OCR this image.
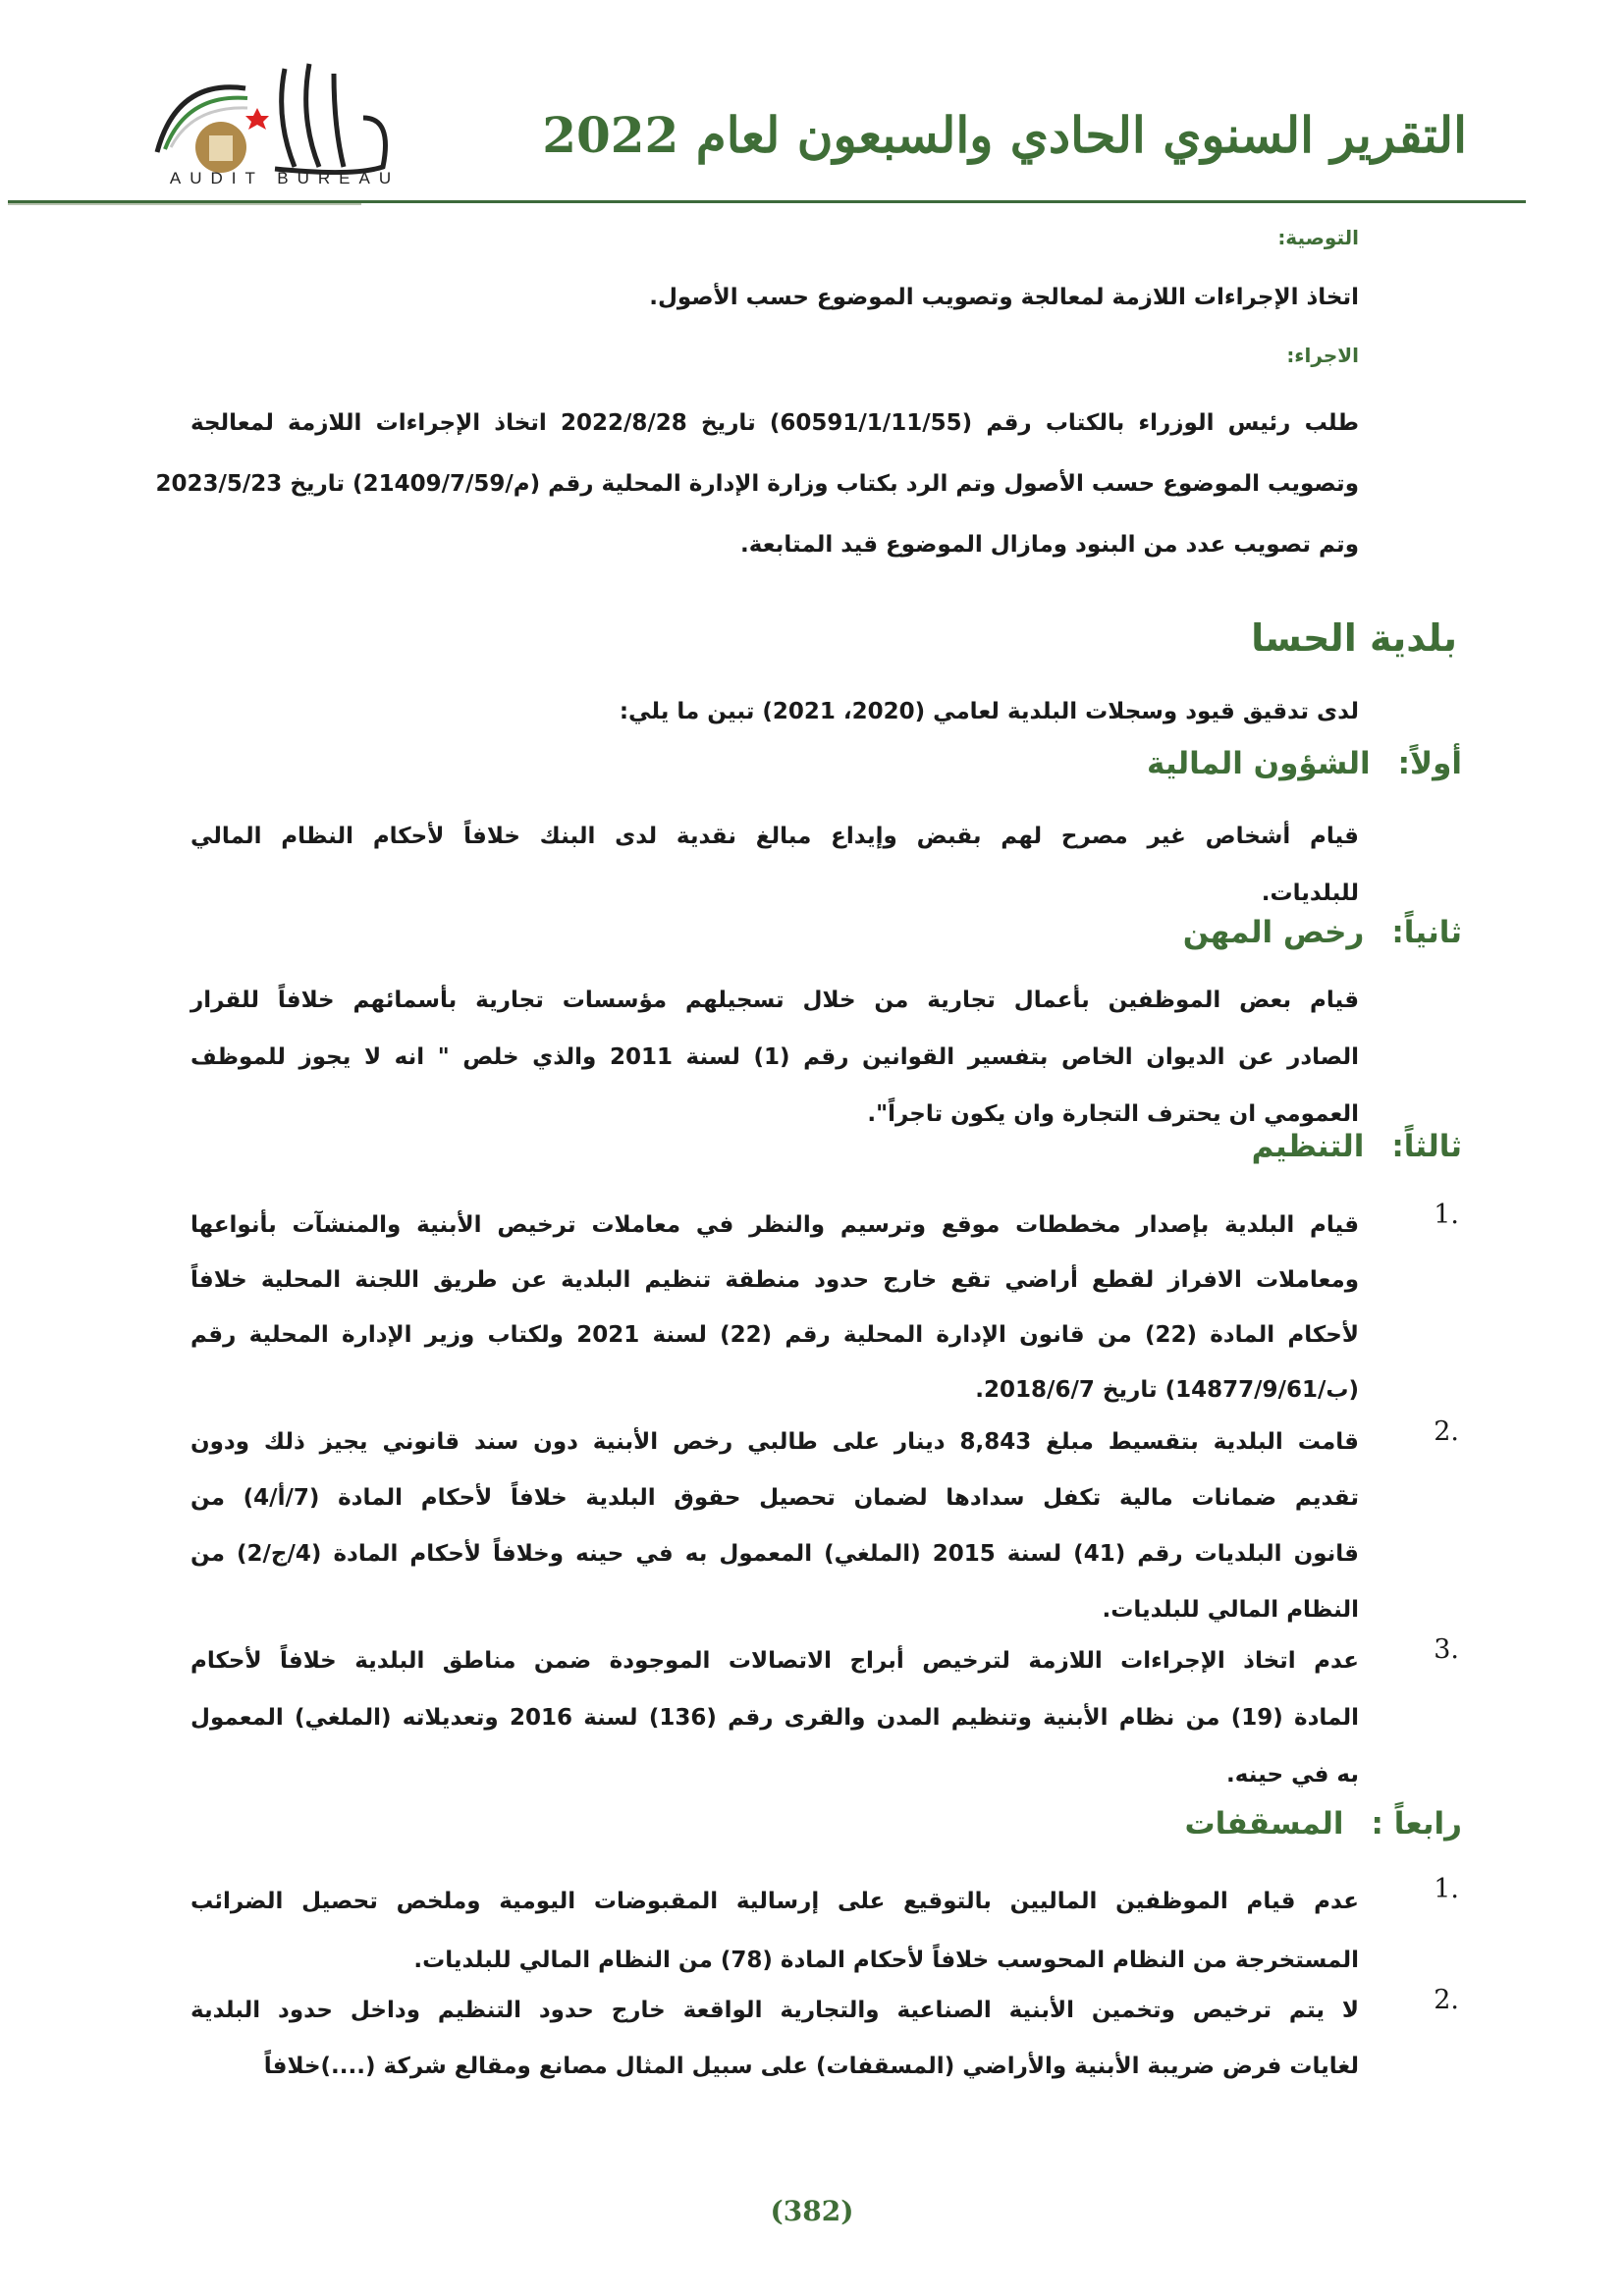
التقرير السنوي الحادي والسبعون لعام 2022
AUDIT BUREAU
التوصية:
اتخاذ الإجراءات اللازمة لمعالجة وتصويب الموضوع حسب الأصول.
الاجراء:
طلب رئيس الوزراء بالكتاب رقم (60591/1/11/55) تاريخ 2022/8/28 اتخاذ الإجراءات اللازمة لمعالجة
وتصويب الموضوع حسب الأصول وتم الرد بكتاب وزارة الإدارة المحلية رقم (م/21409/7/59) تاريخ 2023/5/23
وتم تصويب عدد من البنود ومازال الموضوع قيد المتابعة.
بلدية الحسا
لدى تدقيق قيود وسجلات البلدية لعامي (2020، 2021) تبين ما يلي:
أولاً:الشؤون المالية
قيام أشخاص غير مصرح لهم بقبض وإيداع مبالغ نقدية لدى البنك خلافاً لأحكام النظام المالي
للبلديات.
ثانياً:رخص المهن
قيام بعض الموظفين بأعمال تجارية من خلال تسجيلهم مؤسسات تجارية بأسمائهم خلافاً للقرار
الصادر عن الديوان الخاص بتفسير القوانين رقم (1) لسنة 2011 والذي خلص " انه لا يجوز للموظف
العمومي ان يحترف التجارة وان يكون تاجراً".
ثالثاً:التنظيم
1.
قيام البلدية بإصدار مخططات موقع وترسيم والنظر في معاملات ترخيص الأبنية والمنشآت بأنواعها
ومعاملات الافراز لقطع أراضي تقع خارج حدود منطقة تنظيم البلدية عن طريق اللجنة المحلية خلافاً
لأحكام المادة (22) من قانون الإدارة المحلية رقم (22) لسنة 2021 ولكتاب وزير الإدارة المحلية رقم
(ب/14877/9/61) تاريخ 2018/6/7.
2.
قامت البلدية بتقسيط مبلغ 8,843 دينار على طالبي رخص الأبنية دون سند قانوني يجيز ذلك ودون
تقديم ضمانات مالية تكفل سدادها لضمان تحصيل حقوق البلدية خلافاً لأحكام المادة (7/أ/4) من
قانون البلديات رقم (41) لسنة 2015 (الملغي) المعمول به في حينه وخلافاً لأحكام المادة (4/ج/2) من
النظام المالي للبلديات.
3.
عدم اتخاذ الإجراءات اللازمة لترخيص أبراج الاتصالات الموجودة ضمن مناطق البلدية خلافاً لأحكام
المادة (19) من نظام الأبنية وتنظيم المدن والقرى رقم (136) لسنة 2016 وتعديلاته (الملغي) المعمول
به في حينه.
رابعاً :المسقفات
1.
عدم قيام الموظفين الماليين بالتوقيع على إرسالية المقبوضات اليومية وملخص تحصيل الضرائب
المستخرجة من النظام المحوسب خلافاً لأحكام المادة (78) من النظام المالي للبلديات.
2.
لا يتم ترخيص وتخمين الأبنية الصناعية والتجارية الواقعة خارج حدود التنظيم وداخل حدود البلدية
لغايات فرض ضريبة الأبنية والأراضي (المسقفات) على سبيل المثال مصانع ومقالع شركة (....)خلافاً
(382)
